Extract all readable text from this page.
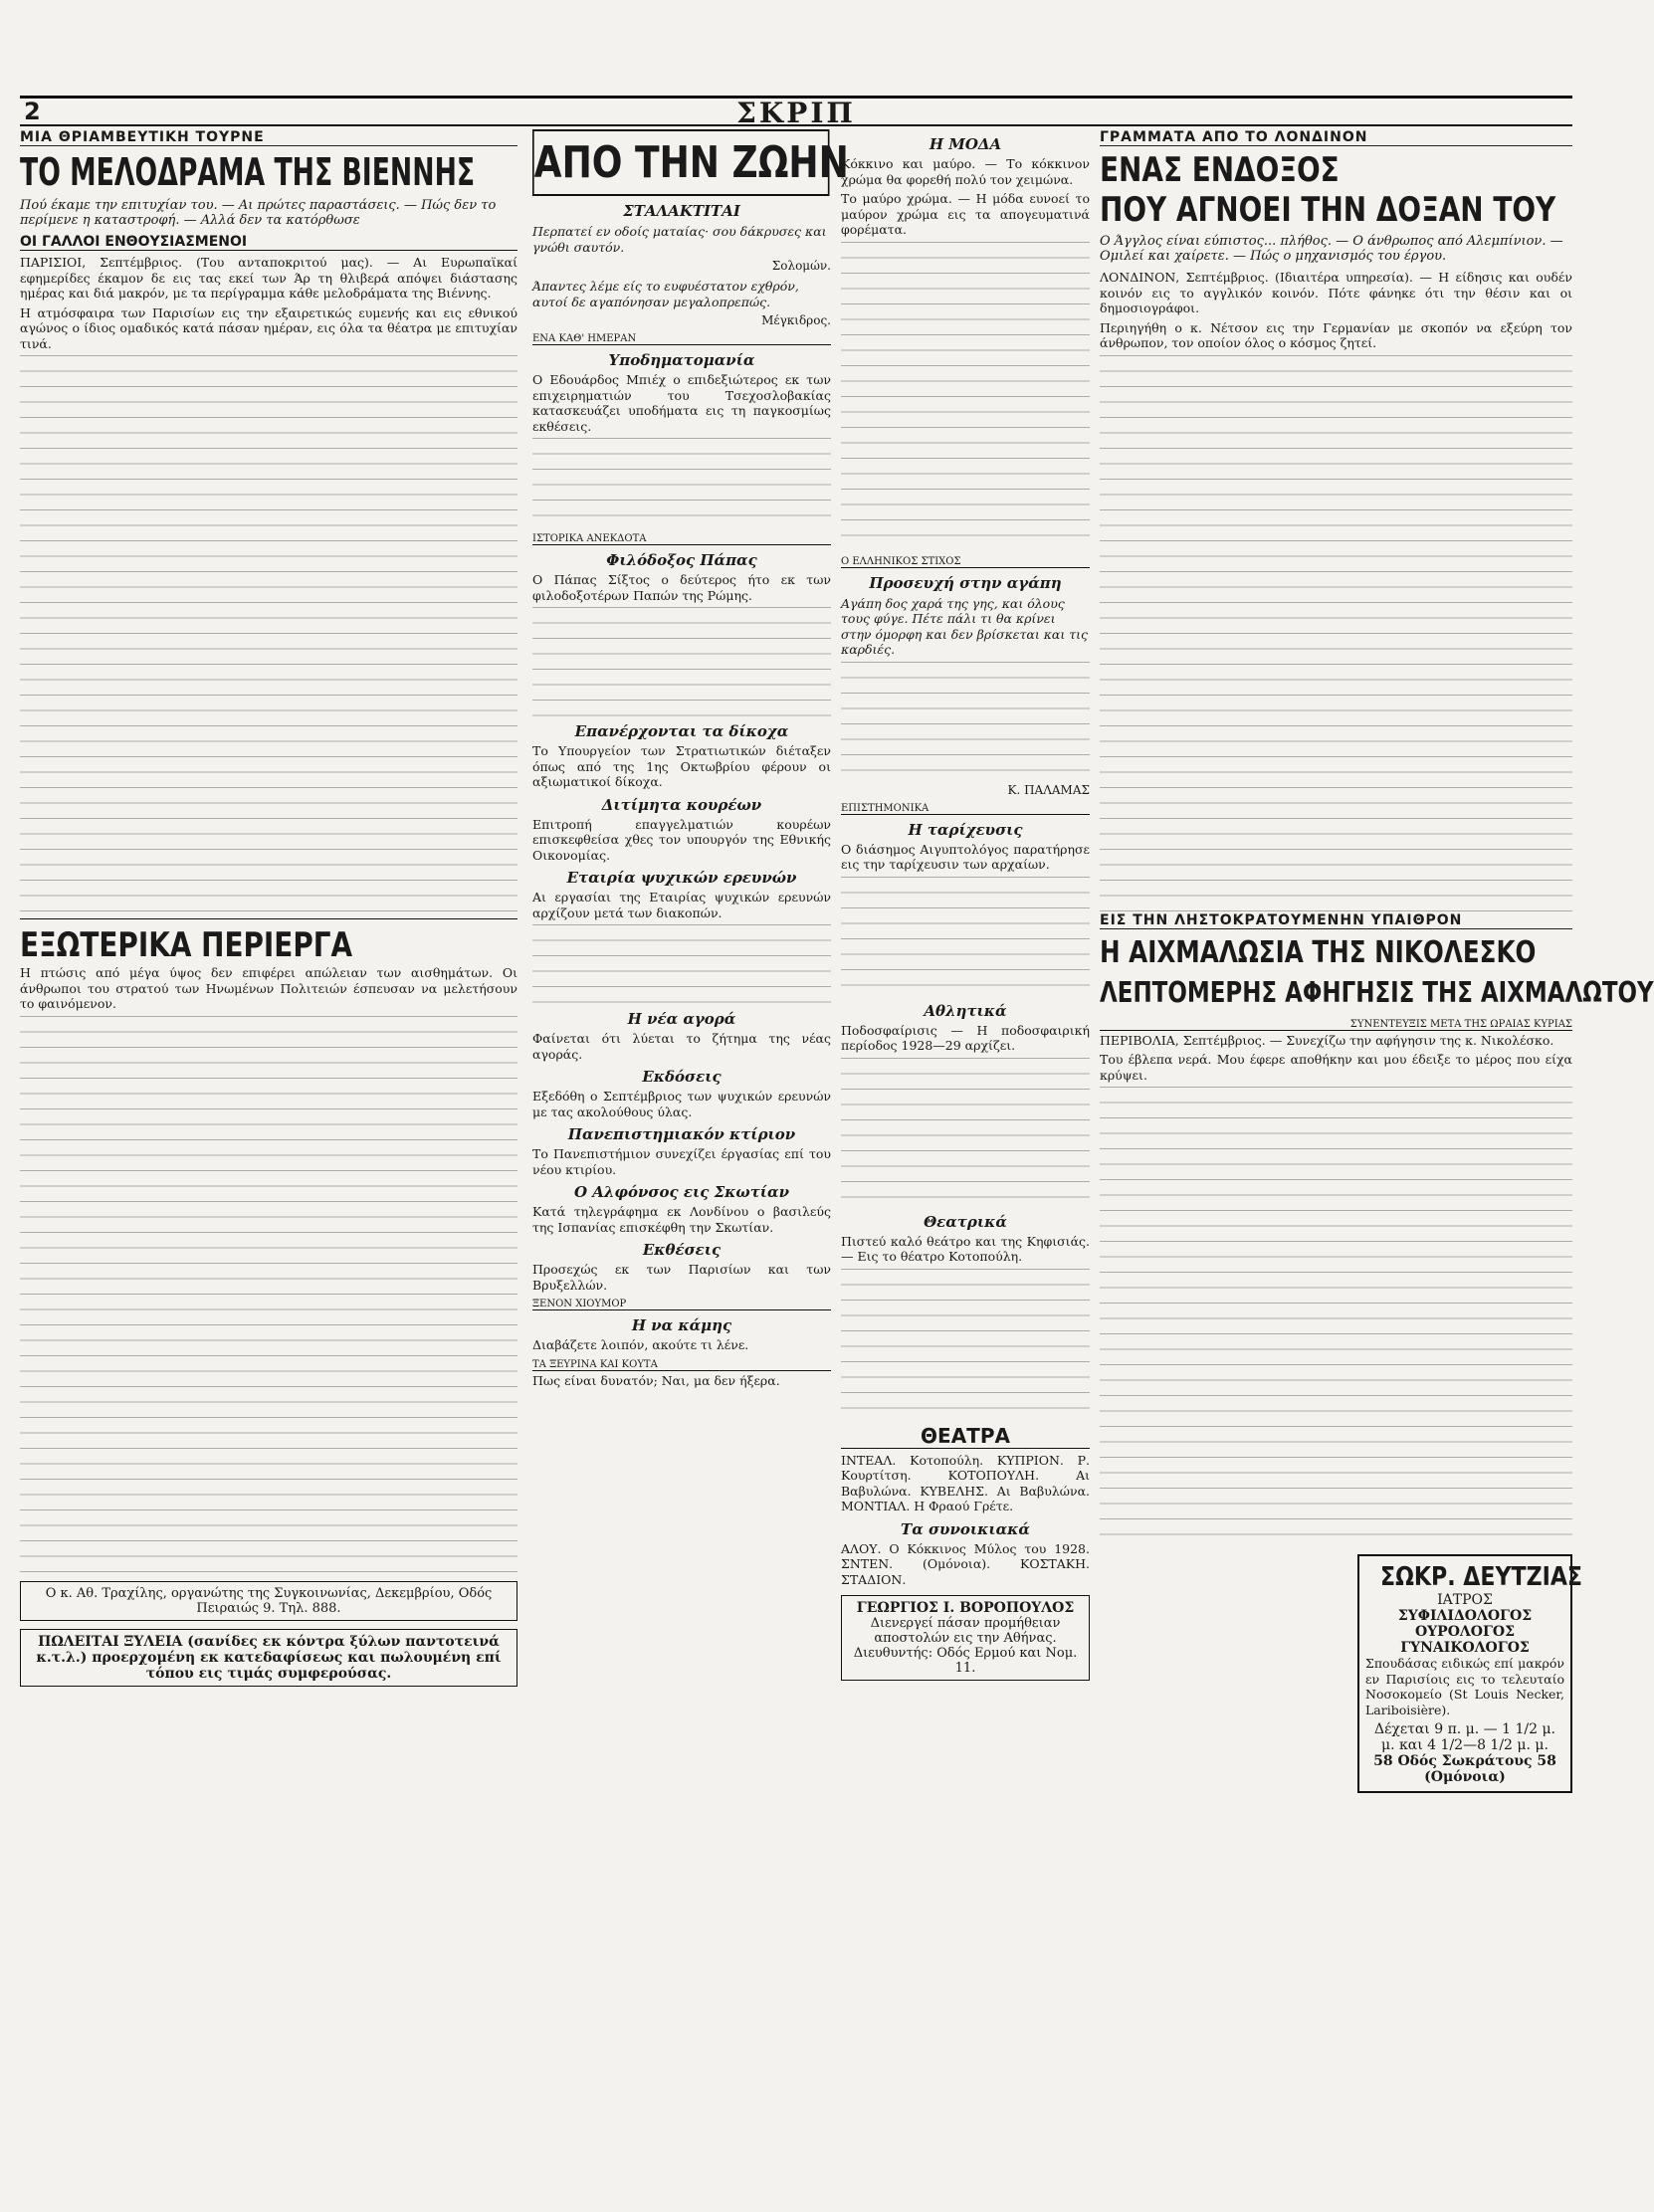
2	ΣΚΡΙΠ
ΜΙΑ ΘΡΙΑΜΒΕΥΤΙΚΗ ΤΟΥΡΝΕ
ΤΟ ΜΕΛΟΔΡΑΜΑ ΤΗΣ ΒΙΕΝΝΗΣ
Πού έκαμε την επιτυχίαν του. — Αι πρώτες παραστάσεις. — Πώς δεν το περίμενε η καταστροφή. — Αλλά δεν τα κατόρθωσε
ΟΙ ΓΑΛΛΟΙ ΕΝΘΟΥΣΙΑΣΜΕΝΟΙ

ΠΑΡΙΣΙΟΙ, Σεπτέμβριος. (Του ανταποκριτού μας). — Αι Ευρωπαϊκαί εφημερίδες έκαμον δε εις τας εκεί των Άρ τη θλιβερά απόψει διάστασης ημέρας και διά μακρόν, με τα περίγραμμα κάθε μελοδράματα της Βιέννης.

Η ατμόσφαιρα των Παρισίων εις την εξαιρετικώς ευμενής και εις εθνικού αγώνος ο ίδιος ομαδικός κατά πάσαν ημέραν, εις όλα τα θέατρα με επιτυχίαν τινά.

ΕΞΩΤΕΡΙΚΑ ΠΕΡΙΕΡΓΑ

Η πτώσις από μέγα ύψος δεν επιφέρει απώλειαν των αισθημάτων. Οι άνθρωποι του στρατού των Ηνωμένων Πολιτειών έσπευσαν να μελετήσουν το φαινόμενον.

Ο κ. Αθ. Τραχίλης, οργανώτης της Συγκοινωνίας, Δεκεμβρίου, Οδός Πειραιώς 9. Τηλ. 888.
ΠΩΛΕΙΤΑΙ ΞΥΛΕΙΑ (σανίδες εκ κόντρα ξύλων παντοτεινά κ.τ.λ.) προερχομένη εκ κατεδαφίσεως και πωλουμένη επί τόπου εις τιμάς συμφερούσας.
ΑΠΟ ΤΗΝ ΖΩΗΝ
ΣΤΑΛΑΚΤΙΤΑΙ

Περπατεί εν οδοίς ματαίας· σου δάκρυσες και γνώθι σαυτόν.

Σολομών.

Άπαντες λέμε είς το ευφυέστατον εχθρόν, αυτοί δε αγαπόνησαν μεγαλοπρεπώς.

Μέγκιδρος.
ΕΝΑ ΚΑΘ' ΗΜΕΡΑΝ
Υποδηματομανία

Ο Εδουάρδος Μπιέχ ο επιδεξιώτερος εκ των επιχειρηματιών του Τσεχοσλοβακίας κατασκευάζει υποδήματα εις τη παγκοσμίως εκθέσεις.

ΙΣΤΟΡΙΚΑ ΑΝΕΚΔΟΤΑ
Φιλόδοξος Πάπας

Ο Πάπας Σίξτος ο δεύτερος ήτο εκ των φιλοδοξοτέρων Παπών της Ρώμης.

Επανέρχονται τα δίκοχα

Το Υπουργείον των Στρατιωτικών διέταξεν όπως από της 1ης Οκτωβρίου φέρουν οι αξιωματικοί δίκοχα.

Διτίμητα κουρέων

Επιτροπή επαγγελματιών κουρέων επισκεφθείσα χθες τον υπουργόν της Εθνικής Οικονομίας.

Εταιρία ψυχικών ερευνών

Αι εργασίαι της Εταιρίας ψυχικών ερευνών αρχίζουν μετά των διακοπών.

Η νέα αγορά

Φαίνεται ότι λύεται το ζήτημα της νέας αγοράς.

Εκδόσεις

Εξεδόθη ο Σεπτέμβριος των ψυχικών ερευνών με τας ακολούθους ύλας.

Πανεπιστημιακόν κτίριον

Το Πανεπιστήμιον συνεχίζει έργασίας επί του νέου κτιρίου.

Ο Αλφόνσος εις Σκωτίαν

Κατά τηλεγράφημα εκ Λονδίνου ο βασιλεύς της Ισπανίας επισκέφθη την Σκωτίαν.

Εκθέσεις

Προσεχώς εκ των Παρισίων και των Βρυξελλών.

ΞΕΝΟΝ ΧΙΟΥΜΟΡ
Η να κάμης

Διαβάζετε λοιπόν, ακούτε τι λένε.

ΤΑ ΞΕΥΡΙΝΑ ΚΑΙ ΚΟΥΤΑ

Πως είναι δυνατόν; Ναι, μα δεν ήξερα.

Η ΜΟΔΑ

Κόκκινο και μαύρο. — Το κόκκινον χρώμα θα φορεθή πολύ τον χειμώνα.

Το μαύρο χρώμα. — Η μόδα ευνοεί το μαύρον χρώμα εις τα απογευματινά φορέματα.

Ο ΕΛΛΗΝΙΚΟΣ ΣΤΙΧΟΣ
Προσευχή στην αγάπη

Αγάπη δος χαρά της γης, και όλους τους φύγε. Πέτε πάλι τι θα κρίνει στην όμορφη και δεν βρίσκεται και τις καρδιές.

Κ. ΠΑΛΑΜΑΣ
ΕΠΙΣΤΗΜΟΝΙΚΑ
Η ταρίχευσις

Ο διάσημος Αιγυπτολόγος παρατήρησε εις την ταρίχευσιν των αρχαίων.

Αθλητικά

Ποδοσφαίρισις — Η ποδοσφαιρική περίοδος 1928—29 αρχίζει.

Θεατρικά

Πιστεύ καλό θεάτρο και της Κηφισιάς. — Εις το θέατρο Κοτοπούλη.

ΘΕΑΤΡΑ

ΙΝΤΕΑΛ. Κοτοπούλη. ΚΥΠΡΙΟΝ. Ρ. Κουρτίτση. ΚΟΤΟΠΟΥΛΗ. Αι Βαβυλώνα. ΚΥΒΕΛΗΣ. Αι Βαβυλώνα. ΜΟΝΤΙΑΛ. Η Φραού Γρέτε.

Τα συνοικιακά

ΑΛΟΥ. Ο Κόκκινος Μύλος του 1928. ΣΝΤΕΝ. (Ομόνοια). ΚΟΣΤΑΚΗ. ΣΤΑΔΙΟΝ.

ΓΕΩΡΓΙΟΣ Ι. ΒΟΡΟΠΟΥΛΟΣ
Διενεργεί πάσαν προμήθειαν αποστολών εις την Αθήνας. Διευθυντής: Οδός Ερμού και Νομ. 11.
ΓΡΑΜΜΑΤΑ ΑΠΟ ΤΟ ΛΟΝΔΙΝΟΝ
ΕΝΑΣ ΕΝΔΟΞΟΣ
ΠΟΥ ΑΓΝΟΕΙ ΤΗΝ ΔΟΞΑΝ ΤΟΥ
Ο Άγγλος είναι εύπιστος... πλήθος. — Ο άνθρωπος από Αλεμπίνιον. — Ομιλεί και χαίρετε. — Πώς ο μηχανισμός του έργου.

ΛΟΝΔΙΝΟΝ, Σεπτέμβριος. (Ιδιαιτέρα υπηρεσία). — Η είδησις και ουδέν κοινόν εις το αγγλικόν κοινόν. Πότε φάνηκε ότι την θέσιν και οι δημοσιογράφοι.

Περιηγήθη ο κ. Νέτσον εις την Γερμανίαν με σκοπόν να εξεύρη τον άνθρωπον, τον οποίον όλος ο κόσμος ζητεί.

ΕΙΣ ΤΗΝ ΛΗΣΤΟΚΡΑΤΟΥΜΕΝΗΝ ΥΠΑΙΘΡΟΝ
Η ΑΙΧΜΑΛΩΣΙΑ ΤΗΣ ΝΙΚΟΛΕΣΚΟ
ΛΕΠΤΟΜΕΡΗΣ ΑΦΗΓΗΣΙΣ ΤΗΣ ΑΙΧΜΑΛΩΤΟΥ
ΣΥΝΕΝΤΕΥΞΙΣ ΜΕΤΑ ΤΗΣ ΩΡΑΙΑΣ ΚΥΡΙΑΣ

ΠΕΡΙΒΟΛΙΑ, Σεπτέμβριος. — Συνεχίζω την αφήγησιν της κ. Νικολέσκο.

Του έβλεπα νερά. Μου έφερε αποθήκην και μου έδειξε το μέρος που είχα κρύψει.

ΣΩΚΡ. ΔΕΥΤΖΙΑΣ
ΙΑΤΡΟΣ
ΣΥΦΙΛΙΔΟΛΟΓΟΣ ΟΥΡΟΛΟΓΟΣ ΓΥΝΑΙΚΟΛΟΓΟΣ
Σπουδάσας ειδικώς επί μακρόν εν Παρισίοις εις το τελευταίο Νοσοκομείο (St Louis Necker, Lariboisière).
Δέχεται 9 π. μ. — 1 1/2 μ. μ. και 4 1/2—8 1/2 μ. μ.
58 Οδός Σωκράτους 58 (Ομόνοια)
